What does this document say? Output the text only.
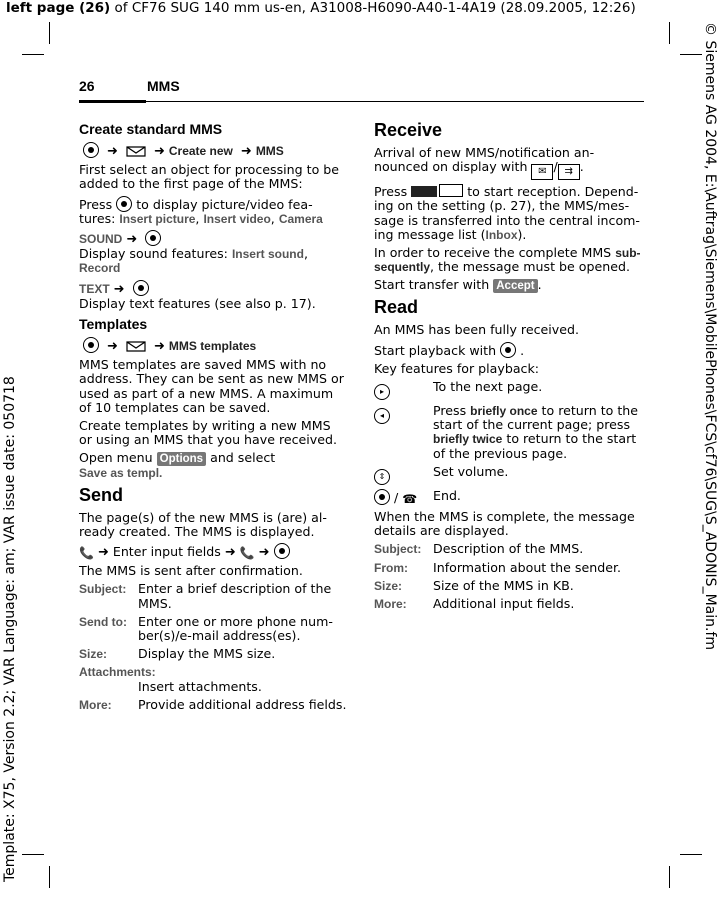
left page (26) of CF76 SUG 140 mm us-en, A31008-H6090-A40-1-4A19 (28.09.2005, 12:26)
Template: X75, Version 2.2; VAR Language: am; VAR issue date: 050718	© Siemens AG 2004, E:\Auftrag\Siemens\MobilePhones\FCS\cf76\SUG\S_ADONIS_Main.fm
26	MMS
Create standard MMS

➜	➜ Create new ➜ MMS

First select an object for processing to be added to the first page of the MMS:

Press to display picture/video fea-tures: Insert picture, Insert video, Camera

SOUND ➜

Display sound features: Insert sound, Record

TEXT ➜

Display text features (see also p. 17).

Templates

➜	➜ MMS templates

MMS templates are saved MMS with no address. They can be sent as new MMS or used as part of a new MMS. A maximum of 10 templates can be saved.

Create templates by writing a new MMS or using an MMS that you have received.

Open menu Options and select
Save as templ.

Send

The page(s) of the new MMS is (are) al-ready created. The MMS is displayed.

📞 ➜ Enter input fields ➜ 📞 ➜

The MMS is sent after confirmation.

Subject: Enter a brief description of the MMS.
Send to: Enter one or more phone num-ber(s)/e-mail address(es).
Size:	Display the MMS size.
Attachments:
Insert attachments.
More:	Provide additional address fields.
Receive

Arrival of new MMS/notification an-nounced on display with ✉ / ⇉ .

Press	to start reception. Depend-ing on the setting (p. 27), the MMS/mes-sage is transferred into the central incom-ing message list (Inbox).

In order to receive the complete MMS sub-sequently, the message must be opened.

Start transfer with Accept .

Read

An MMS has been fully received.

Start playback with  .

Key features for playback:

▸	To the next page.
◂	Press briefly once to return to the start of the current page; press briefly twice to return to the start of the previous page.
⇕	Set volume.
/ ☎	End.

When the MMS is complete, the message details are displayed.

Subject: Description of the MMS.
From:	Information about the sender.
Size:	Size of the MMS in KB.
More:	Additional input fields.
